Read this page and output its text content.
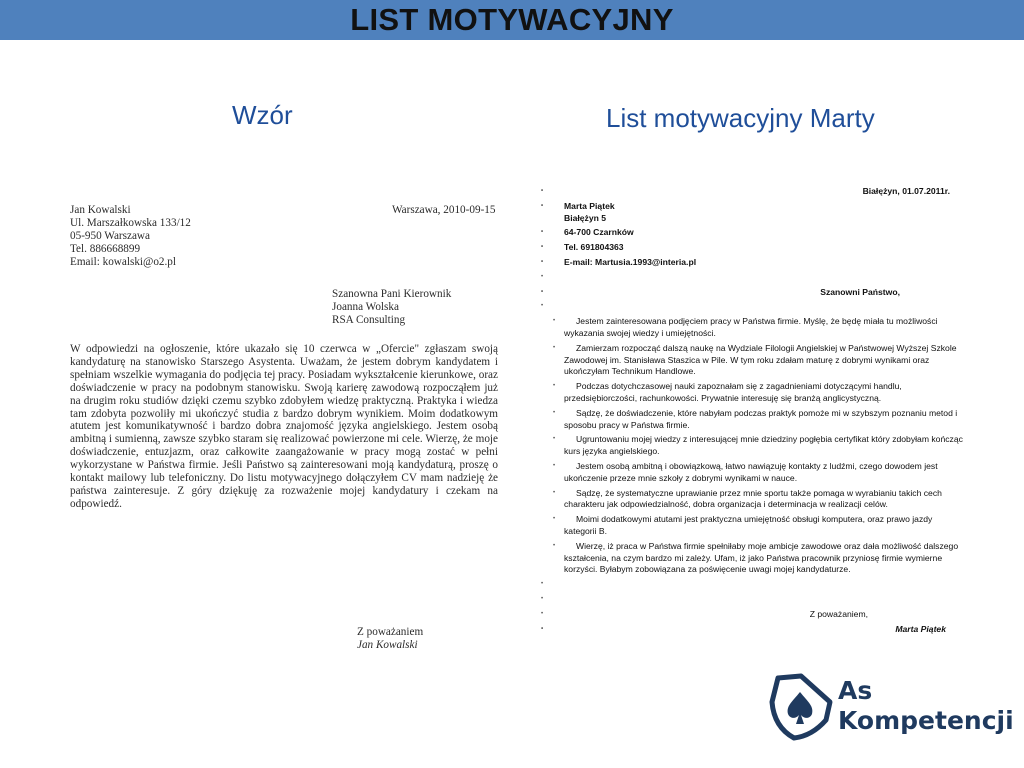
LIST MOTYWACYJNY
Wzór	List motywacyjny Marty
Jan Kowalski
Ul. Marszałkowska 133/12
05-950 Warszawa
Tel. 886668899
Email: kowalski@o2.pl
Warszawa, 2010-09-15
Szanowna Pani Kierownik
Joanna Wolska
RSA Consulting
W odpowiedzi na ogłoszenie, które ukazało się 10 czerwca w „Ofercie" zgłaszam swoją kandydaturę na stanowisko Starszego Asystenta. Uważam, że jestem dobrym kandydatem i spełniam wszelkie wymagania do podjęcia tej pracy. Posiadam wykształcenie kierunkowe, oraz doświadczenie w pracy na podobnym stanowisku. Swoją karierę zawodową rozpocząłem już na drugim roku studiów dzięki czemu szybko zdobyłem wiedzę praktyczną. Praktyka i wiedza tam zdobyta pozwoliły mi ukończyć studia z bardzo dobrym wynikiem. Moim dodatkowym atutem jest komunikatywność i bardzo dobra znajomość języka angielskiego. Jestem osobą ambitną i sumienną, zawsze szybko staram się realizować powierzone mi cele. Wierzę, że moje doświadczenie, entuzjazm, oraz całkowite zaangażowanie w pracy mogą zostać w pełni wykorzystane w Państwa firmie. Jeśli Państwo są zainteresowani moją kandydaturą, proszę o kontakt mailowy lub telefoniczny. Do listu motywacyjnego dołączyłem CV mam nadzieję że państwa zainteresuje. Z góry dziękuję za rozważenie mojej kandydatury i czekam na odpowiedź.
Z poważaniem
Jan Kowalski
• Białężyn, 01.07.2011r.
• Marta Piątek
Białężyn 5
• 64-700 Czarnków
• Tel. 691804363
• E-mail: Martusia.1993@interia.pl
•
• Szanowni Państwo,
•
• Jestem zainteresowana podjęciem pracy w Państwa firmie. Myślę, że będę miała tu możliwości wykazania swojej wiedzy i umiejętności.
• Zamierzam rozpocząć dalszą naukę na Wydziale Filologii Angielskiej w Państwowej Wyższej Szkole Zawodowej im. Stanisława Staszica w Pile. W tym roku zdałam maturę z dobrymi wynikami oraz ukończyłam Technikum Handlowe.
• Podczas dotychczasowej nauki zapoznałam się z zagadnieniami dotyczącymi handlu, przedsiębiorczości, rachunkowości. Prywatnie interesuję się branżą anglicystyczną.
• Sądzę, że doświadczenie, które nabyłam podczas praktyk pomoże mi w szybszym poznaniu metod i sposobu pracy w Państwa firmie.
• Ugruntowaniu mojej wiedzy z interesującej mnie dziedziny pogłębia certyfikat który zdobyłam kończąc kurs języka angielskiego.
• Jestem osobą ambitną i obowiązkową, łatwo nawiązuję kontakty z ludźmi, czego dowodem jest ukończenie przeze mnie szkoły z dobrymi wynikami w nauce.
• Sądzę, że systematyczne uprawianie przez mnie sportu także pomaga w wyrabianiu takich cech charakteru jak odpowiedzialność, dobra organizacja i determinacja w realizacji celów.
• Moimi dodatkowymi atutami jest praktyczna umiejętność obsługi komputera, oraz prawo jazdy kategorii B.
• Wierzę, iż praca w Państwa firmie spełniłaby moje ambicje zawodowe oraz dała możliwość dalszego kształcenia, na czym bardzo mi zależy. Ufam, iż jako Państwa pracownik przyniosę firmie wymierne korzyści. Byłabym zobowiązana za poświęcenie uwagi mojej kandydaturze.
•
•
• Z poważaniem,
• Marta Piątek
As
Kompetencji
